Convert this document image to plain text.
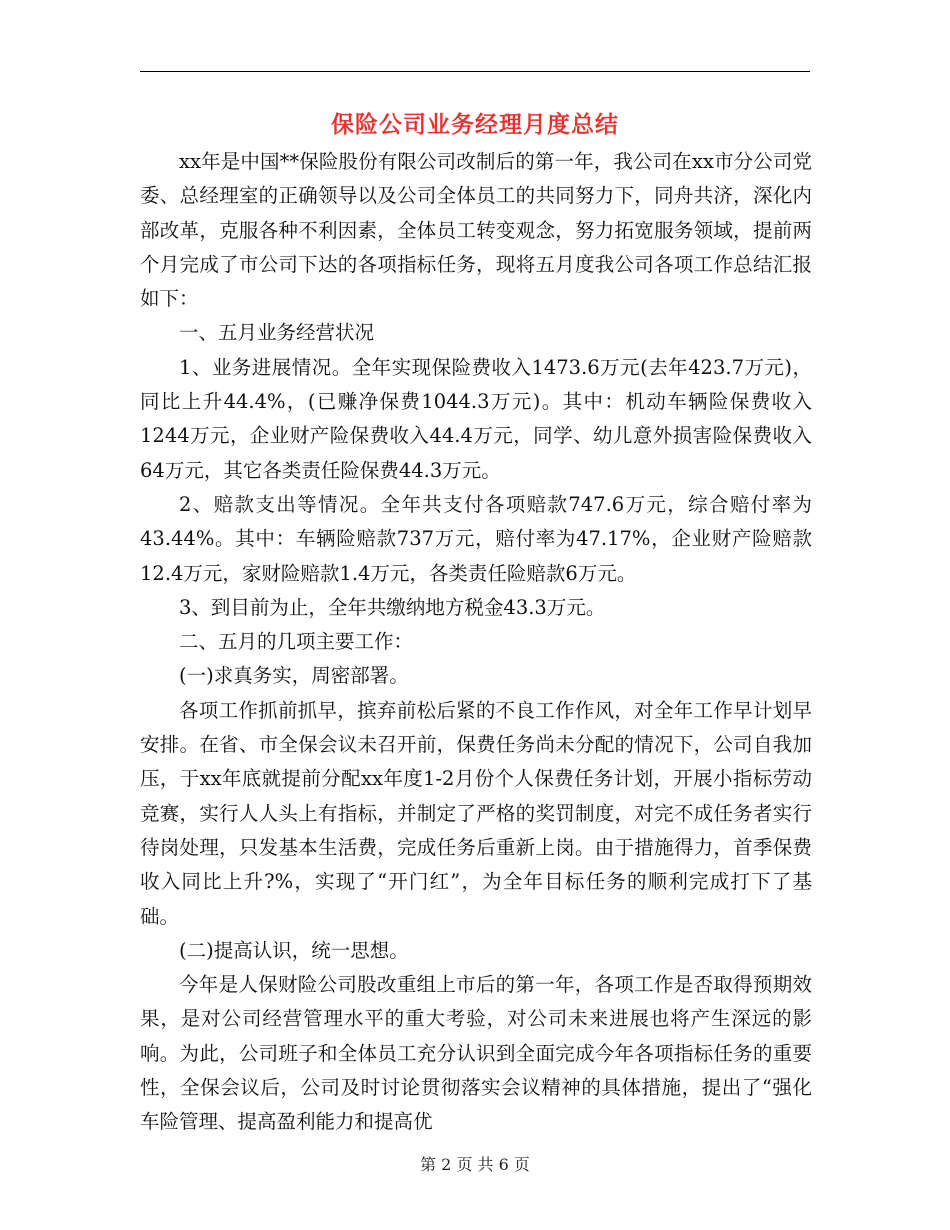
保险公司业务经理月度总结

xx年是中国**保险股份有限公司改制后的第一年，我公司在xx市分公司党委、总经理室的正确领导以及公司全体员工的共同努力下，同舟共济，深化内部改革，克服各种不利因素，全体员工转变观念，努力拓宽服务领域，提前两个月完成了市公司下达的各项指标任务，现将五月度我公司各项工作总结汇报如下：

一、五月业务经营状况

1、业务进展情况。全年实现保险费收入1473.6万元(去年423.7万元)，同比上升44.4%，(已赚净保费1044.3万元)。其中：机动车辆险保费收入1244万元，企业财产险保费收入44.4万元，同学、幼儿意外损害险保费收入64万元，其它各类责任险保费44.3万元。

2、赔款支出等情况。全年共支付各项赔款747.6万元，综合赔付率为43.44%。其中：车辆险赔款737万元，赔付率为47.17%，企业财产险赔款 12.4万元，家财险赔款1.4万元，各类责任险赔款6万元。

3、到目前为止，全年共缴纳地方税金43.3万元。

二、五月的几项主要工作：

(一)求真务实，周密部署。

各项工作抓前抓早，摈弃前松后紧的不良工作作风，对全年工作早计划早安排。在省、市全保会议未召开前，保费任务尚未分配的情况下，公司自我加压，于xx年底就提前分配xx年度1-2月份个人保费任务计划，开展小指标劳动竞赛，实行人人头上有指标，并制定了严格的奖罚制度，对完不成任务者实行待岗处理，只发基本生活费，完成任务后重新上岗。由于措施得力，首季保费收入同比上升?%，实现了“开门红”，为全年目标任务的顺利完成打下了基础。

(二)提高认识，统一思想。

今年是人保财险公司股改重组上市后的第一年，各项工作是否取得预期效果，是对公司经营管理水平的重大考验，对公司未来进展也将产生深远的影响。为此，公司班子和全体员工充分认识到全面完成今年各项指标任务的重要性，全保会议后，公司及时讨论贯彻落实会议精神的具体措施，提出了“强化车险管理、提高盈利能力和提高优

第 2 页 共 6 页
